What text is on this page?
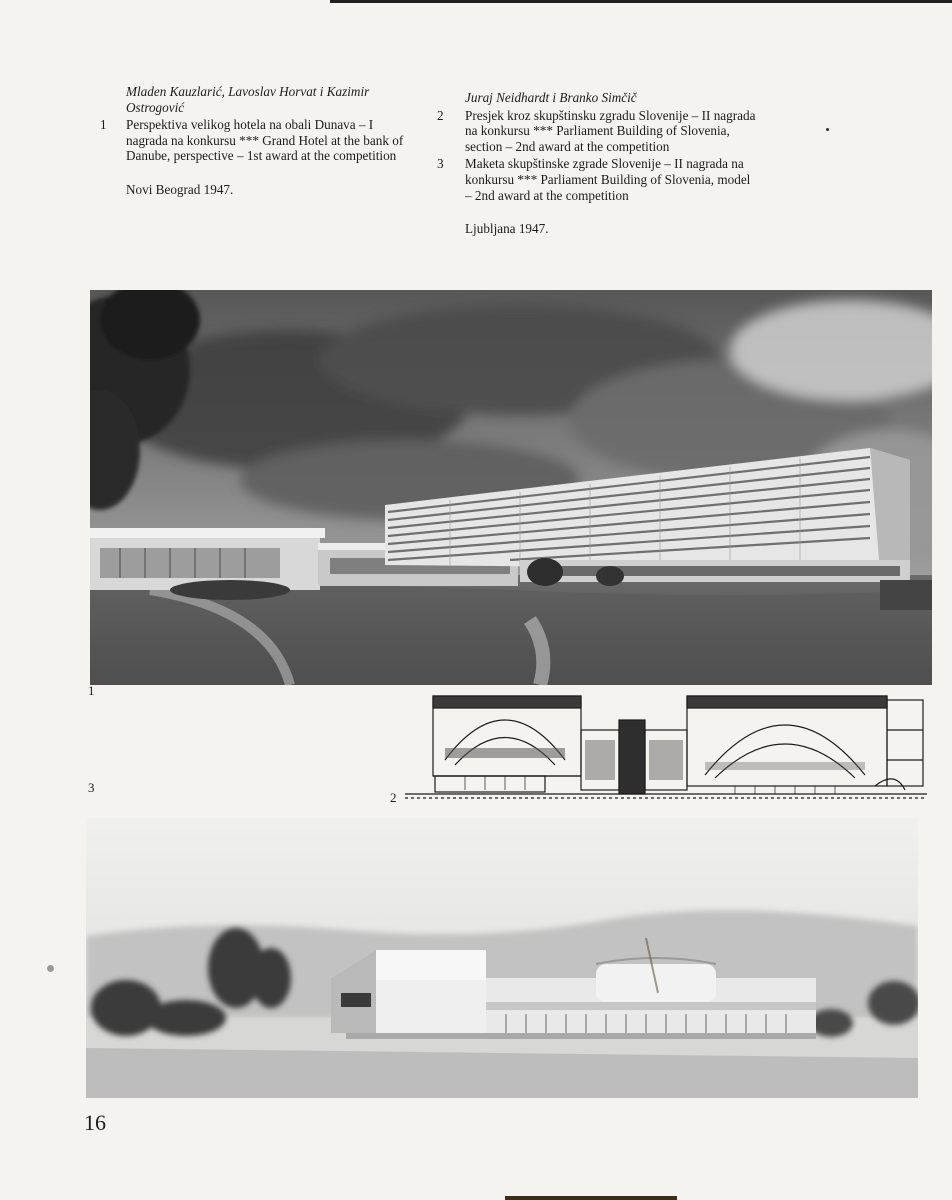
Mladen Kauzlarić, Lavoslav Horvat i Kazimir Ostrogović
1	Perspektiva velikog hotela na obali Dunava – I nagrada na konkursu *** Grand Hotel at the bank of Danube, perspective – 1st award at the competition
Novi Beograd 1947.
Juraj Neidhardt i Branko Simčič
2	Presjek kroz skupštinsku zgradu Slovenije – II nagrada na konkursu *** Parliament Building of Slovenia, section – 2nd award at the competition
3	Maketa skupštinske zgrade Slovenije – II nagrada na konkursu *** Parliament Building of Slovenia, model – 2nd award at the competition
Ljubljana 1947.
1
2
3
16
